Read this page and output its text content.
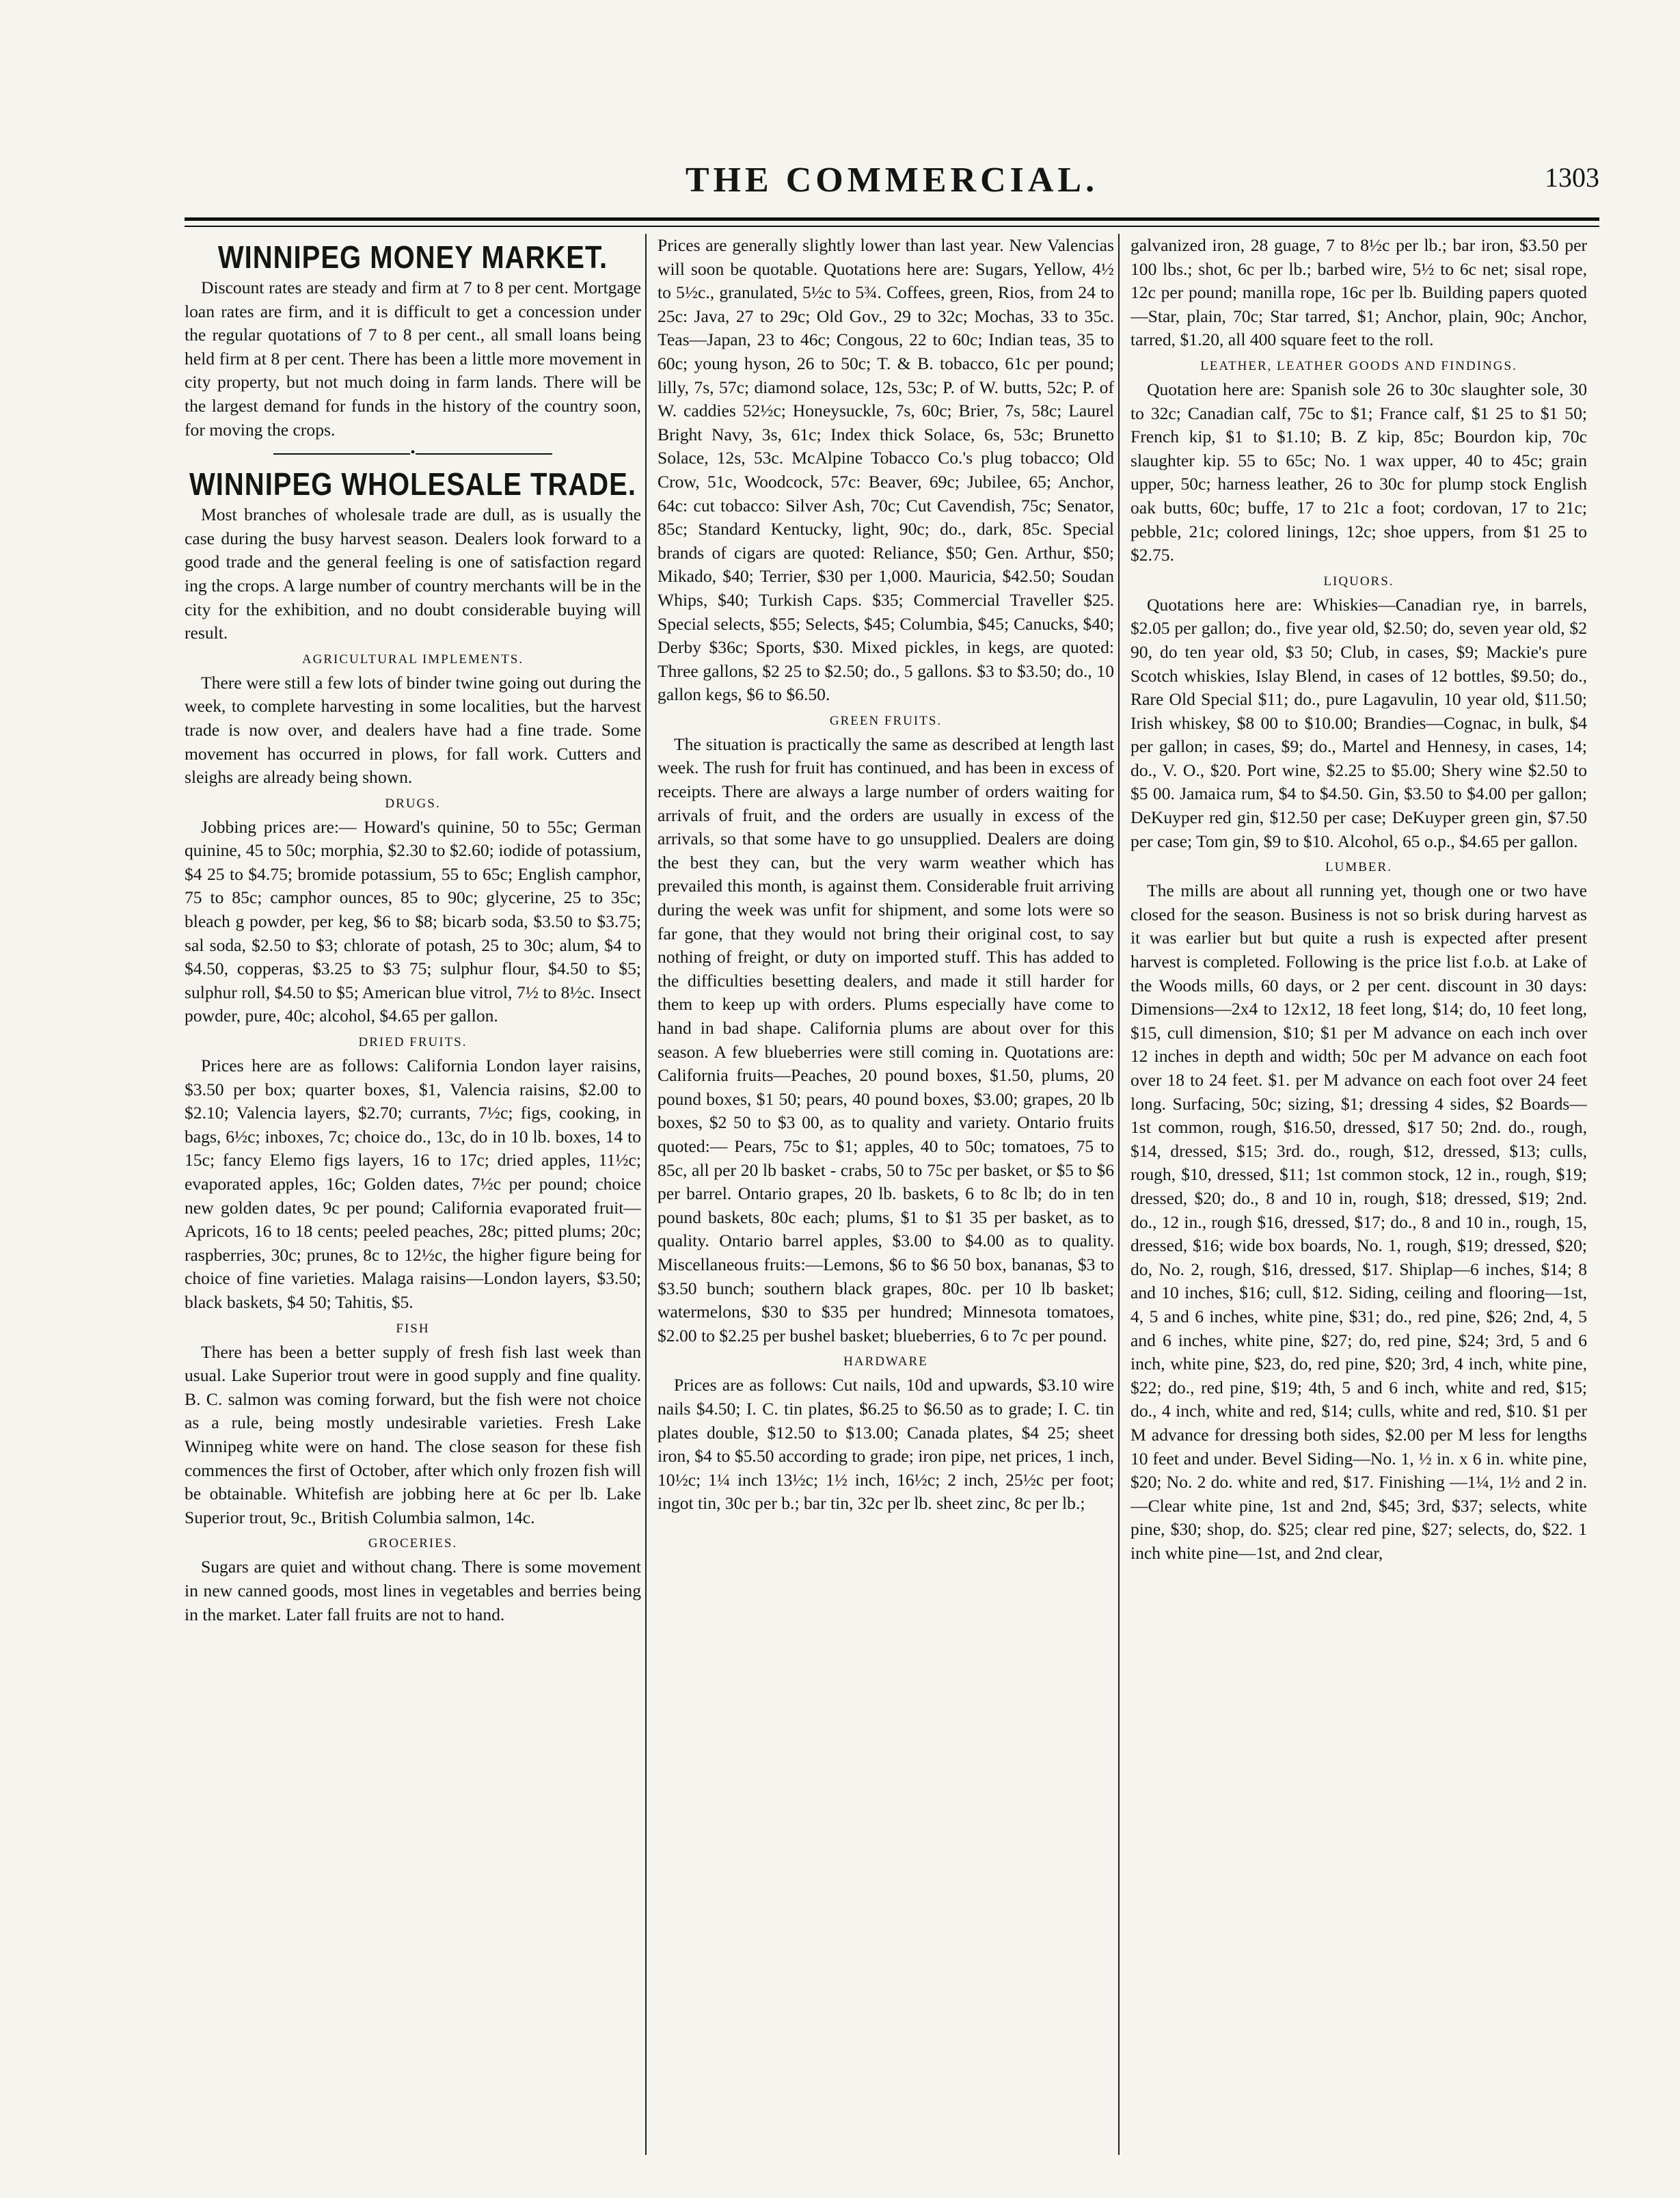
THE COMMERCIAL.	1303
WINNIPEG MONEY MARKET.

Discount rates are steady and firm at 7 to 8 per cent. Mortgage loan rates are firm, and it is difficult to get a concession under the regular quotations of 7 to 8 per cent., all small loans being held firm at 8 per cent. There has been a little more movement in city property, but not much doing in farm lands. There will be the largest demand for funds in the history of the country soon, for moving the crops.

•
WINNIPEG WHOLESALE TRADE.

Most branches of wholesale trade are dull, as is usually the case during the busy harvest season. Dealers look forward to a good trade and the general feeling is one of satisfaction regard ing the crops. A large number of country merchants will be in the city for the exhibition, and no doubt considerable buying will result.

AGRICULTURAL IMPLEMENTS.

There were still a few lots of binder twine going out during the week, to complete harvesting in some localities, but the harvest trade is now over, and dealers have had a fine trade. Some movement has occurred in plows, for fall work. Cutters and sleighs are already being shown.

DRUGS.

Jobbing prices are:— Howard's quinine, 50 to 55c; German quinine, 45 to 50c; morphia, $2.30 to $2.60; iodide of potassium, $4 25 to $4.75; bromide potassium, 55 to 65c; English camphor, 75 to 85c; camphor ounces, 85 to 90c; glycerine, 25 to 35c; bleach g powder, per keg, $6 to $8; bicarb soda, $3.50 to $3.75; sal soda, $2.50 to $3; chlorate of potash, 25 to 30c; alum, $4 to $4.50, copperas, $3.25 to $3 75; sulphur flour, $4.50 to $5; sulphur roll, $4.50 to $5; American blue vitrol, 7½ to 8½c. Insect powder, pure, 40c; alcohol, $4.65 per gallon.

DRIED FRUITS.

Prices here are as follows: California London layer raisins, $3.50 per box; quarter boxes, $1, Valencia raisins, $2.00 to $2.10; Valencia layers, $2.70; currants, 7½c; figs, cooking, in bags, 6½c; inboxes, 7c; choice do., 13c, do in 10 lb. boxes, 14 to 15c; fancy Elemo figs layers, 16 to 17c; dried apples, 11½c; evaporated apples, 16c; Golden dates, 7½c per pound; choice new golden dates, 9c per pound; California evaporated fruit—Apricots, 16 to 18 cents; peeled peaches, 28c; pitted plums; 20c; raspberries, 30c; prunes, 8c to 12½c, the higher figure being for choice of fine varieties. Malaga raisins—London layers, $3.50; black baskets, $4 50; Tahitis, $5.

FISH

There has been a better supply of fresh fish last week than usual. Lake Superior trout were in good supply and fine quality. B. C. salmon was coming forward, but the fish were not choice as a rule, being mostly undesirable varieties. Fresh Lake Winnipeg white were on hand. The close season for these fish commences the first of October, after which only frozen fish will be obtainable. Whitefish are jobbing here at 6c per lb. Lake Superior trout, 9c., British Columbia salmon, 14c.

GROCERIES.

Sugars are quiet and without chang. There is some movement in new canned goods, most lines in vegetables and berries being in the market. Later fall fruits are not to hand.

Prices are generally slightly lower than last year. New Valencias will soon be quotable. Quotations here are: Sugars, Yellow, 4½ to 5½c., granulated, 5½c to 5¾. Coffees, green, Rios, from 24 to 25c: Java, 27 to 29c; Old Gov., 29 to 32c; Mochas, 33 to 35c. Teas—Japan, 23 to 46c; Congous, 22 to 60c; Indian teas, 35 to 60c; young hyson, 26 to 50c; T. & B. tobacco, 61c per pound; lilly, 7s, 57c; diamond solace, 12s, 53c; P. of W. butts, 52c; P. of W. caddies 52½c; Honeysuckle, 7s, 60c; Brier, 7s, 58c; Laurel Bright Navy, 3s, 61c; Index thick Solace, 6s, 53c; Brunetto Solace, 12s, 53c. McAlpine Tobacco Co.'s plug tobacco; Old Crow, 51c, Woodcock, 57c: Beaver, 69c; Jubilee, 65; Anchor, 64c: cut tobacco: Silver Ash, 70c; Cut Cavendish, 75c; Senator, 85c; Standard Kentucky, light, 90c; do., dark, 85c. Special brands of cigars are quoted: Reliance, $50; Gen. Arthur, $50; Mikado, $40; Terrier, $30 per 1,000. Mauricia, $42.50; Soudan Whips, $40; Turkish Caps. $35; Commercial Traveller $25. Special selects, $55; Selects, $45; Columbia, $45; Canucks, $40; Derby $36c; Sports, $30. Mixed pickles, in kegs, are quoted: Three gallons, $2 25 to $2.50; do., 5 gallons. $3 to $3.50; do., 10 gallon kegs, $6 to $6.50.

GREEN FRUITS.

The situation is practically the same as described at length last week. The rush for fruit has continued, and has been in excess of receipts. There are always a large number of orders waiting for arrivals of fruit, and the orders are usually in excess of the arrivals, so that some have to go unsupplied. Dealers are doing the best they can, but the very warm weather which has prevailed this month, is against them. Considerable fruit arriving during the week was unfit for shipment, and some lots were so far gone, that they would not bring their original cost, to say nothing of freight, or duty on imported stuff. This has added to the difficulties besetting dealers, and made it still harder for them to keep up with orders. Plums especially have come to hand in bad shape. California plums are about over for this season. A few blueberries were still coming in. Quotations are: California fruits—Peaches, 20 pound boxes, $1.50, plums, 20 pound boxes, $1 50; pears, 40 pound boxes, $3.00; grapes, 20 lb boxes, $2 50 to $3 00, as to quality and variety. Ontario fruits quoted:— Pears, 75c to $1; apples, 40 to 50c; tomatoes, 75 to 85c, all per 20 lb basket - crabs, 50 to 75c per basket, or $5 to $6 per barrel. Ontario grapes, 20 lb. baskets, 6 to 8c lb; do in ten pound baskets, 80c each; plums, $1 to $1 35 per basket, as to quality. Ontario barrel apples, $3.00 to $4.00 as to quality. Miscellaneous fruits:—Lemons, $6 to $6 50 box, bananas, $3 to $3.50 bunch; southern black grapes, 80c. per 10 lb basket; watermelons, $30 to $35 per hundred; Minnesota tomatoes, $2.00 to $2.25 per bushel basket; blueberries, 6 to 7c per pound.

HARDWARE

Prices are as follows: Cut nails, 10d and upwards, $3.10 wire nails $4.50; I. C. tin plates, $6.25 to $6.50 as to grade; I. C. tin plates double, $12.50 to $13.00; Canada plates, $4 25; sheet iron, $4 to $5.50 according to grade; iron pipe, net prices, 1 inch, 10½c; 1¼ inch 13½c; 1½ inch, 16½c; 2 inch, 25½c per foot; ingot tin, 30c per b.; bar tin, 32c per lb. sheet zinc, 8c per lb.;

galvanized iron, 28 guage, 7 to 8½c per lb.; bar iron, $3.50 per 100 lbs.; shot, 6c per lb.; barbed wire, 5½ to 6c net; sisal rope, 12c per pound; manilla rope, 16c per lb. Building papers quoted—Star, plain, 70c; Star tarred, $1; Anchor, plain, 90c; Anchor, tarred, $1.20, all 400 square feet to the roll.

LEATHER, LEATHER GOODS AND FINDINGS.

Quotation here are: Spanish sole 26 to 30c slaughter sole, 30 to 32c; Canadian calf, 75c to $1; France calf, $1 25 to $1 50; French kip, $1 to $1.10; B. Z kip, 85c; Bourdon kip, 70c slaughter kip. 55 to 65c; No. 1 wax upper, 40 to 45c; grain upper, 50c; harness leather, 26 to 30c for plump stock English oak butts, 60c; buffe, 17 to 21c a foot; cordovan, 17 to 21c; pebble, 21c; colored linings, 12c; shoe uppers, from $1 25 to $2.75.

LIQUORS.

Quotations here are: Whiskies—Canadian rye, in barrels, $2.05 per gallon; do., five year old, $2.50; do, seven year old, $2 90, do ten year old, $3 50; Club, in cases, $9; Mackie's pure Scotch whiskies, Islay Blend, in cases of 12 bottles, $9.50; do., Rare Old Special $11; do., pure Lagavulin, 10 year old, $11.50; Irish whiskey, $8 00 to $10.00; Brandies—Cognac, in bulk, $4 per gallon; in cases, $9; do., Martel and Hennesy, in cases, 14; do., V. O., $20. Port wine, $2.25 to $5.00; Shery wine $2.50 to $5 00. Jamaica rum, $4 to $4.50. Gin, $3.50 to $4.00 per gallon; DeKuyper red gin, $12.50 per case; DeKuyper green gin, $7.50 per case; Tom gin, $9 to $10. Alcohol, 65 o.p., $4.65 per gallon.

LUMBER.

The mills are about all running yet, though one or two have closed for the season. Business is not so brisk during harvest as it was earlier but but quite a rush is expected after present harvest is completed. Following is the price list f.o.b. at Lake of the Woods mills, 60 days, or 2 per cent. discount in 30 days: Dimensions—2x4 to 12x12, 18 feet long, $14; do, 10 feet long, $15, cull dimension, $10; $1 per M advance on each inch over 12 inches in depth and width; 50c per M advance on each foot over 18 to 24 feet. $1. per M advance on each foot over 24 feet long. Surfacing, 50c; sizing, $1; dressing 4 sides, $2 Boards—1st common, rough, $16.50, dressed, $17 50; 2nd. do., rough, $14, dressed, $15; 3rd. do., rough, $12, dressed, $13; culls, rough, $10, dressed, $11; 1st common stock, 12 in., rough, $19; dressed, $20; do., 8 and 10 in, rough, $18; dressed, $19; 2nd. do., 12 in., rough $16, dressed, $17; do., 8 and 10 in., rough, 15, dressed, $16; wide box boards, No. 1, rough, $19; dressed, $20; do, No. 2, rough, $16, dressed, $17. Shiplap—6 inches, $14; 8 and 10 inches, $16; cull, $12. Siding, ceiling and flooring—1st, 4, 5 and 6 inches, white pine, $31; do., red pine, $26; 2nd, 4, 5 and 6 inches, white pine, $27; do, red pine, $24; 3rd, 5 and 6 inch, white pine, $23, do, red pine, $20; 3rd, 4 inch, white pine, $22; do., red pine, $19; 4th, 5 and 6 inch, white and red, $15; do., 4 inch, white and red, $14; culls, white and red, $10. $1 per M advance for dressing both sides, $2.00 per M less for lengths 10 feet and under. Bevel Siding—No. 1, ½ in. x 6 in. white pine, $20; No. 2 do. white and red, $17. Finishing —1¼, 1½ and 2 in.—Clear white pine, 1st and 2nd, $45; 3rd, $37; selects, white pine, $30; shop, do. $25; clear red pine, $27; selects, do, $22. 1 inch white pine—1st, and 2nd clear,
